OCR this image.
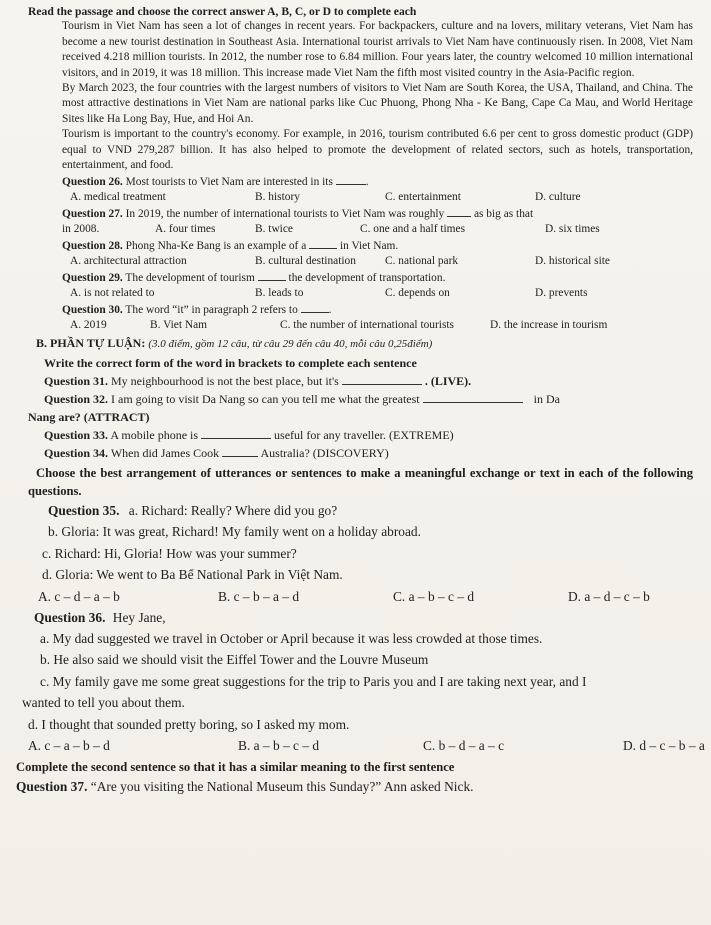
Read the passage and choose the correct answer A, B, C, or D to complete each

Tourism in Viet Nam has seen a lot of changes in recent years. For backpackers, culture and na lovers, military veterans, Viet Nam has become a new tourist destination in Southeast Asia. International tourist arrivals to Viet Nam have continuously risen. In 2008, Viet Nam received 4.218 million tourists. In 2012, the number rose to 6.84 million. Four years later, the country welcomed 10 million international visitors, and in 2019, it was 18 million. This increase made Viet Nam the fifth most visited country in the Asia-Pacific region.

By March 2023, the four countries with the largest numbers of visitors to Viet Nam are South Korea, the USA, Thailand, and China. The most attractive destinations in Viet Nam are national parks like Cuc Phuong, Phong Nha - Ke Bang, Cape Ca Mau, and World Heritage Sites like Ha Long Bay, Hue, and Hoi An.

Tourism is important to the country's economy. For example, in 2016, tourism contributed 6.6 per cent to gross domestic product (GDP) equal to VND 279,287 billion. It has also helped to promote the development of related sectors, such as hotels, transportation, entertainment, and food.

Question 26. Most tourists to Viet Nam are interested in its	.

A. medical treatment	B. history	C. entertainment	D. culture

Question 27. In 2019, the number of international tourists to Viet Nam was roughly	as big as that

in 2008.	A. four times	B. twice	C. one and a half times	D. six times

Question 28. Phong Nha-Ke Bang is an example of a	in Viet Nam.

A. architectural attraction	B. cultural destination	C. national park	D. historical site

Question 29. The development of tourism	the development of transportation.

A. is not related to	B. leads to	C. depends on	D. prevents

Question 30. The word “it” in paragraph 2 refers to	.

A. 2019	B. Viet Nam	C. the number of international tourists	D. the increase in tourism

B. PHẦN TỰ LUẬN: (3.0 điểm, gồm 12 câu, từ câu 29 đến câu 40, mỗi câu 0,25điểm)

Write the correct form of the word in brackets to complete each sentence

Question 31. My neighbourhood is not the best place, but it's	. (LIVE).

Question 32. I am going to visit Da Nang so can you tell me what the greatest	in Da

Nang are? (ATTRACT)

Question 33. A mobile phone is	useful for any traveller. (EXTREME)

Question 34. When did James Cook	Australia? (DISCOVERY)

Choose the best arrangement of utterances or sentences to make a meaningful exchange or text in each of the following questions.

Question 35. a. Richard: Really? Where did you go?

b. Gloria: It was great, Richard! My family went on a holiday abroad.

c. Richard: Hi, Gloria! How was your summer?

d. Gloria: We went to Ba Bể National Park in Việt Nam.

A. c – d – a – b	B. c – b – a – d	C. a – b – c – d	D. a – d – c – b

Question 36. Hey Jane,

a. My dad suggested we travel in October or April because it was less crowded at those times.

b. He also said we should visit the Eiffel Tower and the Louvre Museum

c. My family gave me some great suggestions for the trip to Paris you and I are taking next year, and I

wanted to tell you about them.

d. I thought that sounded pretty boring, so I asked my mom.

A. c – a – b – d	B. a – b – c – d	C. b – d – a – c	D. d – c – b – a

Complete the second sentence so that it has a similar meaning to the first sentence

Question 37. “Are you visiting the National Museum this Sunday?” Ann asked Nick.
